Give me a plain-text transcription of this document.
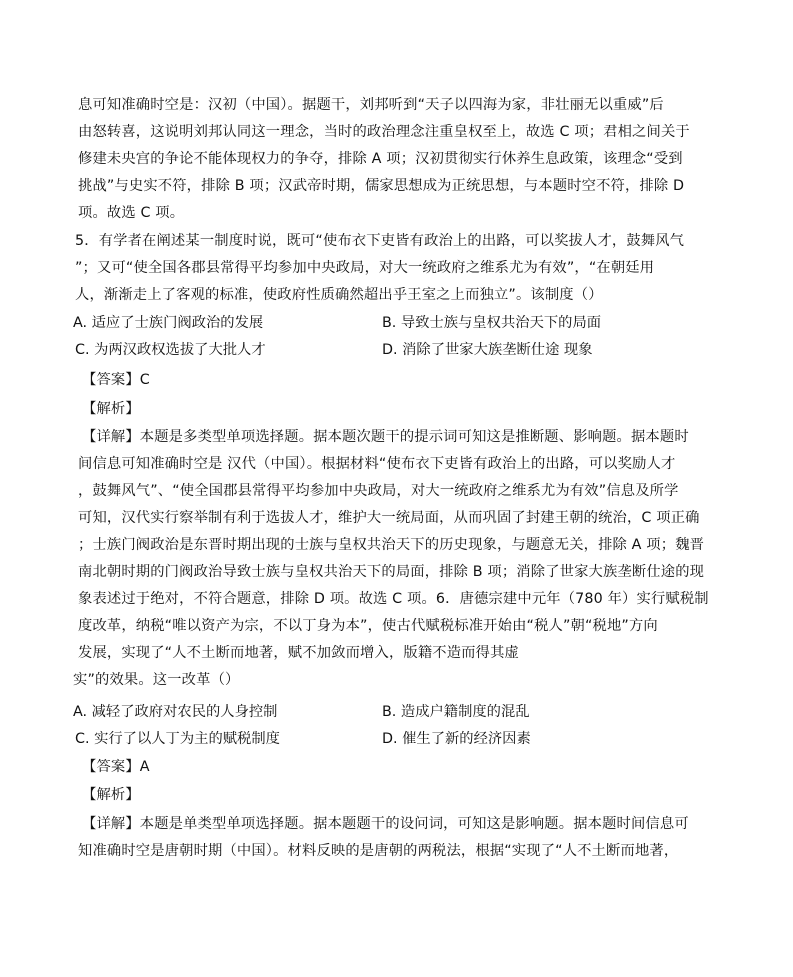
息可知准确时空是：汉初（中国）。据题干，刘邦听到“天子以四海为家，非壮丽无以重威”后
由怒转喜，这说明刘邦认同这一理念，当时的政治理念注重皇权至上，故选 C 项；君相之间关于
修建未央宫的争论不能体现权力的争夺，排除 A 项；汉初贯彻实行休养生息政策，该理念“受到
挑战”与史实不符，排除 B 项；汉武帝时期，儒家思想成为正统思想，与本题时空不符，排除 D
项。故选 C 项。
5．有学者在阐述某一制度时说，既可“使布衣下吏皆有政治上的出路，可以奖拔人才，鼓舞风气
”；又可“使全国各郡县常得平均参加中央政局，对大一统政府之维系尤为有效”，“在朝廷用
人，渐渐走上了客观的标准，使政府性质确然超出乎王室之上而独立”。该制度（）
A. 适应了士族门阀政治的发展	B. 导致士族与皇权共治天下的局面
C. 为两汉政权选拔了大批人才	D. 消除了世家大族垄断仕途 现象
【答案】C
【解析】
【详解】本题是多类型单项选择题。据本题次题干的提示词可知这是推断题、影响题。据本题时
间信息可知准确时空是 汉代（中国）。根据材料“使布衣下吏皆有政治上的出路，可以奖励人才
，鼓舞风气”、“使全国郡县常得平均参加中央政局，对大一统政府之维系尤为有效”信息及所学
可知，汉代实行察举制有利于选拔人才，维护大一统局面，从而巩固了封建王朝的统治，C 项正确
；士族门阀政治是东晋时期出现的士族与皇权共治天下的历史现象，与题意无关，排除 A 项；魏晋
南北朝时期的门阀政治导致士族与皇权共治天下的局面，排除 B 项；消除了世家大族垄断仕途的现
象表述过于绝对，不符合题意，排除 D 项。故选 C 项。6．唐德宗建中元年（780 年）实行赋税制
度改革，纳税“唯以资产为宗，不以丁身为本”，使古代赋税标准开始由“税人”朝“税地”方向
发展，实现了“人不土断而地著，赋不加敛而增入，版籍不造而得其虚
实”的效果。这一改革（）
A. 减轻了政府对农民的人身控制	B. 造成户籍制度的混乱
C. 实行了以人丁为主的赋税制度	D. 催生了新的经济因素
【答案】A
【解析】
【详解】本题是单类型单项选择题。据本题题干的设问词，可知这是影响题。据本题时间信息可
知准确时空是唐朝时期（中国）。材料反映的是唐朝的两税法，根据“实现了“人不土断而地著，
